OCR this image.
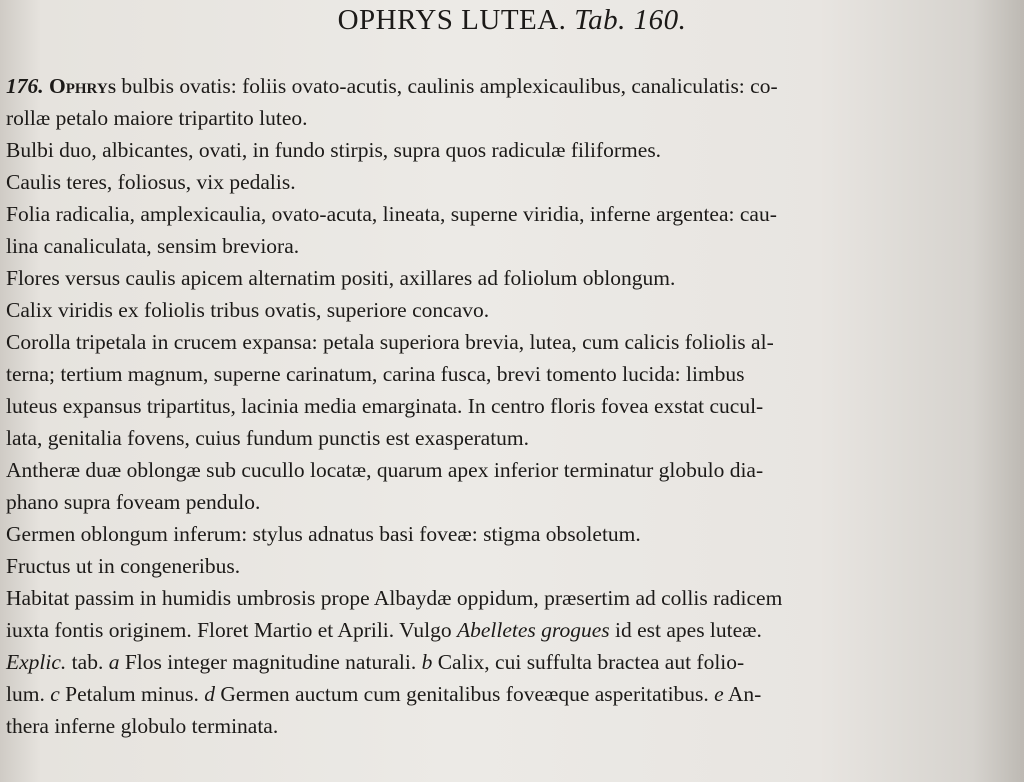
OPHRYS LUTEA. Tab. 160.
176. Ophrys bulbis ovatis: foliis ovato-acutis, caulinis amplexicaulibus, canaliculatis: co-
rollæ petalo maiore tripartito luteo.
Bulbi duo, albicantes, ovati, in fundo stirpis, supra quos radiculæ filiformes.
Caulis teres, foliosus, vix pedalis.
Folia radicalia, amplexicaulia, ovato-acuta, lineata, superne viridia, inferne argentea: cau-
lina canaliculata, sensim breviora.
Flores versus caulis apicem alternatim positi, axillares ad foliolum oblongum.
Calix viridis ex foliolis tribus ovatis, superiore concavo.
Corolla tripetala in crucem expansa: petala superiora brevia, lutea, cum calicis foliolis al-
terna; tertium magnum, superne carinatum, carina fusca, brevi tomento lucida: limbus
luteus expansus tripartitus, lacinia media emarginata. In centro floris fovea exstat cucul-
lata, genitalia fovens, cuius fundum punctis est exasperatum.
Antheræ duæ oblongæ sub cucullo locatæ, quarum apex inferior terminatur globulo dia-
phano supra foveam pendulo.
Germen oblongum inferum: stylus adnatus basi foveæ: stigma obsoletum.
Fructus ut in congeneribus.
Habitat passim in humidis umbrosis prope Albaydæ oppidum, præsertim ad collis radicem
iuxta fontis originem. Floret Martio et Aprili. Vulgo Abelletes grogues id est apes luteæ.
Explic. tab. a Flos integer magnitudine naturali. b Calix, cui suffulta bractea aut folio-
lum. c Petalum minus. d Germen auctum cum genitalibus foveæque asperitatibus. e An-
thera inferne globulo terminata.
